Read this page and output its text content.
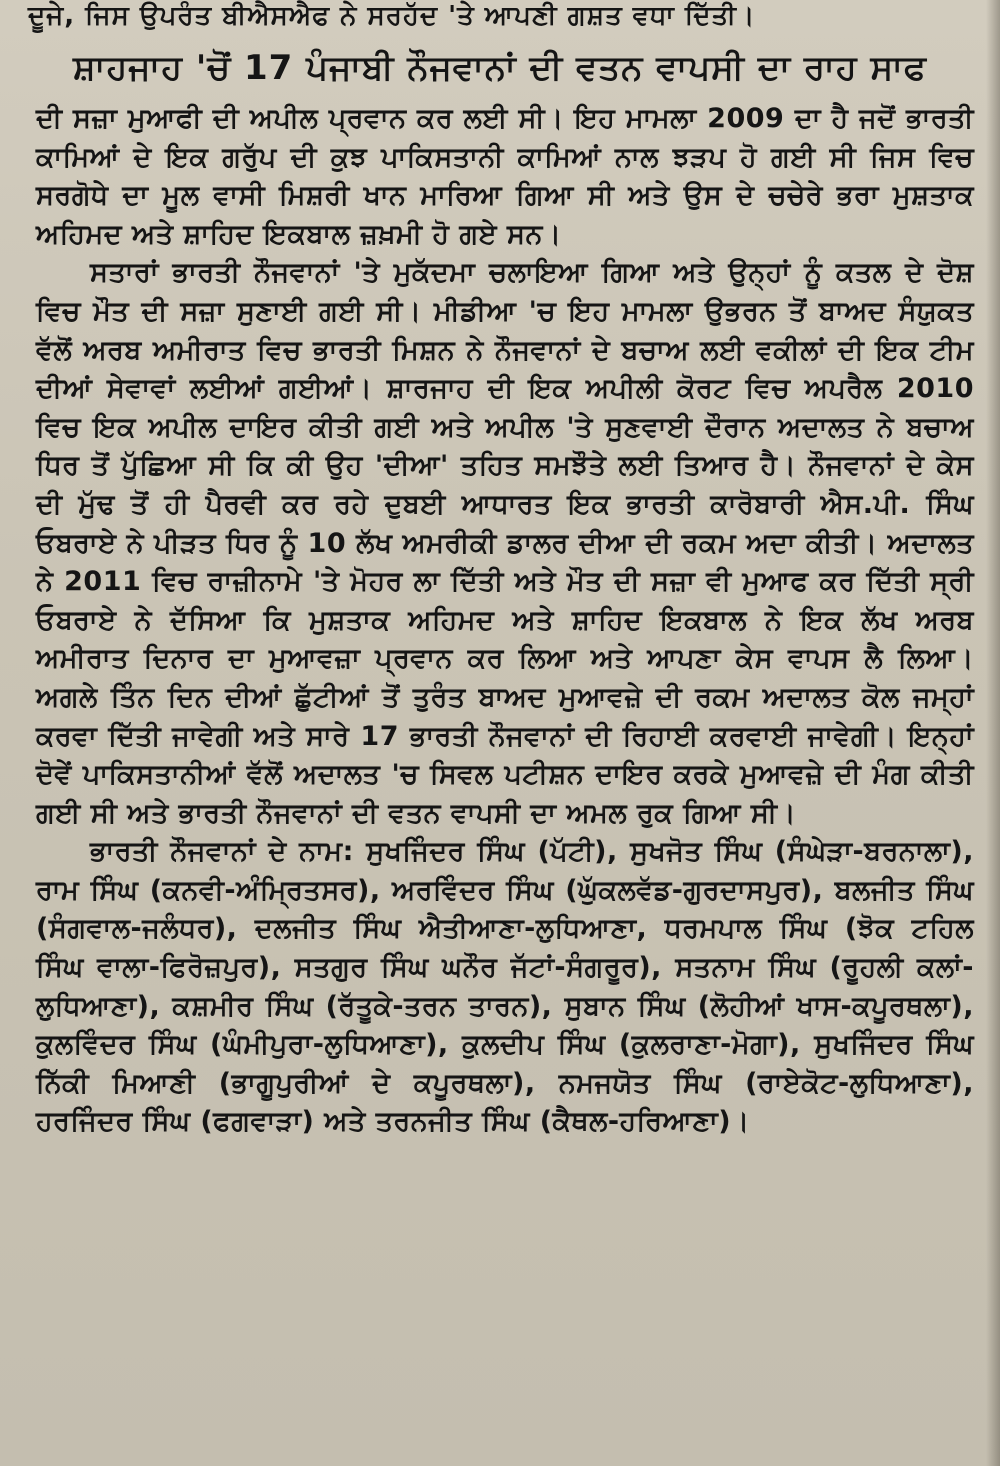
ਦੂਜੇ, ਜਿਸ ਉਪਰੰਤ ਬੀਐਸਐਫ ਨੇ ਸਰਹੱਦ 'ਤੇ ਆਪਣੀ ਗਸ਼ਤ ਵਧਾ ਦਿੱਤੀ।
ਸ਼ਾਹਜਾਹ 'ਚੋਂ 17 ਪੰਜਾਬੀ ਨੌਜਵਾਨਾਂ ਦੀ ਵਤਨ ਵਾਪਸੀ ਦਾ ਰਾਹ ਸਾਫ

ਦੀ ਸਜ਼ਾ ਮੁਆਫੀ ਦੀ ਅਪੀਲ ਪ੍ਰਵਾਨ ਕਰ ਲਈ ਸੀ। ਇਹ ਮਾਮਲਾ 2009 ਦਾ ਹੈ ਜਦੋਂ ਭਾਰਤੀ ਕਾਮਿਆਂ ਦੇ ਇਕ ਗਰੁੱਪ ਦੀ ਕੁਝ ਪਾਕਿਸਤਾਨੀ ਕਾਮਿਆਂ ਨਾਲ ਝੜਪ ਹੋ ਗਈ ਸੀ ਜਿਸ ਵਿਚ ਸਰਗੋਧੇ ਦਾ ਮੂਲ ਵਾਸੀ ਮਿਸ਼ਰੀ ਖਾਨ ਮਾਰਿਆ ਗਿਆ ਸੀ ਅਤੇ ਉਸ ਦੇ ਚਚੇਰੇ ਭਰਾ ਮੁਸ਼ਤਾਕ ਅਹਿਮਦ ਅਤੇ ਸ਼ਾਹਿਦ ਇਕਬਾਲ ਜ਼ਖ਼ਮੀ ਹੋ ਗਏ ਸਨ।

ਸਤਾਰਾਂ ਭਾਰਤੀ ਨੌਜਵਾਨਾਂ 'ਤੇ ਮੁਕੱਦਮਾ ਚਲਾਇਆ ਗਿਆ ਅਤੇ ਉਨ੍ਹਾਂ ਨੂੰ ਕਤਲ ਦੇ ਦੋਸ਼ ਵਿਚ ਮੌਤ ਦੀ ਸਜ਼ਾ ਸੁਣਾਈ ਗਈ ਸੀ। ਮੀਡੀਆ 'ਚ ਇਹ ਮਾਮਲਾ ਉਭਰਨ ਤੋਂ ਬਾਅਦ ਸੰਯੁਕਤ ਵੱਲੋਂ ਅਰਬ ਅਮੀਰਾਤ ਵਿਚ ਭਾਰਤੀ ਮਿਸ਼ਨ ਨੇ ਨੌਜਵਾਨਾਂ ਦੇ ਬਚਾਅ ਲਈ ਵਕੀਲਾਂ ਦੀ ਇਕ ਟੀਮ ਦੀਆਂ ਸੇਵਾਵਾਂ ਲਈਆਂ ਗਈਆਂ। ਸ਼ਾਰਜਾਹ ਦੀ ਇਕ ਅਪੀਲੀ ਕੋਰਟ ਵਿਚ ਅਪਰੈਲ 2010 ਵਿਚ ਇਕ ਅਪੀਲ ਦਾਇਰ ਕੀਤੀ ਗਈ ਅਤੇ ਅਪੀਲ 'ਤੇ ਸੁਣਵਾਈ ਦੌਰਾਨ ਅਦਾਲਤ ਨੇ ਬਚਾਅ ਧਿਰ ਤੋਂ ਪੁੱਛਿਆ ਸੀ ਕਿ ਕੀ ਉਹ 'ਦੀਆ' ਤਹਿਤ ਸਮਝੌਤੇ ਲਈ ਤਿਆਰ ਹੈ। ਨੌਜਵਾਨਾਂ ਦੇ ਕੇਸ ਦੀ ਮੁੱਢ ਤੋਂ ਹੀ ਪੈਰਵੀ ਕਰ ਰਹੇ ਦੁਬਈ ਆਧਾਰਤ ਇਕ ਭਾਰਤੀ ਕਾਰੋਬਾਰੀ ਐਸ.ਪੀ. ਸਿੰਘ ਓਬਰਾਏ ਨੇ ਪੀੜਤ ਧਿਰ ਨੂੰ 10 ਲੱਖ ਅਮਰੀਕੀ ਡਾਲਰ ਦੀਆ ਦੀ ਰਕਮ ਅਦਾ ਕੀਤੀ। ਅਦਾਲਤ ਨੇ 2011 ਵਿਚ ਰਾਜ਼ੀਨਾਮੇ 'ਤੇ ਮੋਹਰ ਲਾ ਦਿੱਤੀ ਅਤੇ ਮੌਤ ਦੀ ਸਜ਼ਾ ਵੀ ਮੁਆਫ ਕਰ ਦਿੱਤੀ ਸ੍ਰੀ ਓਬਰਾਏ ਨੇ ਦੱਸਿਆ ਕਿ ਮੁਸ਼ਤਾਕ ਅਹਿਮਦ ਅਤੇ ਸ਼ਾਹਿਦ ਇਕਬਾਲ ਨੇ ਇਕ ਲੱਖ ਅਰਬ ਅਮੀਰਾਤ ਦਿਨਾਰ ਦਾ ਮੁਆਵਜ਼ਾ ਪ੍ਰਵਾਨ ਕਰ ਲਿਆ ਅਤੇ ਆਪਣਾ ਕੇਸ ਵਾਪਸ ਲੈ ਲਿਆ। ਅਗਲੇ ਤਿੰਨ ਦਿਨ ਦੀਆਂ ਛੁੱਟੀਆਂ ਤੋਂ ਤੁਰੰਤ ਬਾਅਦ ਮੁਆਵਜ਼ੇ ਦੀ ਰਕਮ ਅਦਾਲਤ ਕੋਲ ਜਮ੍ਹਾਂ ਕਰਵਾ ਦਿੱਤੀ ਜਾਵੇਗੀ ਅਤੇ ਸਾਰੇ 17 ਭਾਰਤੀ ਨੌਜਵਾਨਾਂ ਦੀ ਰਿਹਾਈ ਕਰਵਾਈ ਜਾਵੇਗੀ। ਇਨ੍ਹਾਂ ਦੋਵੇਂ ਪਾਕਿਸਤਾਨੀਆਂ ਵੱਲੋਂ ਅਦਾਲਤ 'ਚ ਸਿਵਲ ਪਟੀਸ਼ਨ ਦਾਇਰ ਕਰਕੇ ਮੁਆਵਜ਼ੇ ਦੀ ਮੰਗ ਕੀਤੀ ਗਈ ਸੀ ਅਤੇ ਭਾਰਤੀ ਨੌਜਵਾਨਾਂ ਦੀ ਵਤਨ ਵਾਪਸੀ ਦਾ ਅਮਲ ਰੁਕ ਗਿਆ ਸੀ।

ਭਾਰਤੀ ਨੌਜਵਾਨਾਂ ਦੇ ਨਾਮ: ਸੁਖਜਿੰਦਰ ਸਿੰਘ (ਪੱਟੀ), ਸੁਖਜੋਤ ਸਿੰਘ (ਸੰਘੇੜਾ-ਬਰਨਾਲਾ), ਰਾਮ ਸਿੰਘ (ਕਨਵੀ-ਅੰਮ੍ਰਿਤਸਰ), ਅਰਵਿੰਦਰ ਸਿੰਘ (ਘੁੱਕਲਵੱਡ-ਗੁਰਦਾਸਪੁਰ), ਬਲਜੀਤ ਸਿੰਘ (ਸੰਗਵਾਲ-ਜਲੰਧਰ), ਦਲਜੀਤ ਸਿੰਘ ਐਤੀਆਣਾ-ਲੁਧਿਆਣਾ, ਧਰਮਪਾਲ ਸਿੰਘ (ਝੋਕ ਟਹਿਲ ਸਿੰਘ ਵਾਲਾ-ਫਿਰੋਜ਼ਪੁਰ), ਸਤਗੁਰ ਸਿੰਘ ਘਨੌਰ ਜੱਟਾਂ-ਸੰਗਰੂਰ), ਸਤਨਾਮ ਸਿੰਘ (ਰੂਹਲੀ ਕਲਾਂ-ਲੁਧਿਆਣਾ), ਕਸ਼ਮੀਰ ਸਿੰਘ (ਰੱਤੂਕੇ-ਤਰਨ ਤਾਰਨ), ਸੁਬਾਨ ਸਿੰਘ (ਲੋਹੀਆਂ ਖਾਸ-ਕਪੂਰਥਲਾ), ਕੁਲਵਿੰਦਰ ਸਿੰਘ (ਘੰਮੀਪੁਰਾ-ਲੁਧਿਆਣਾ), ਕੁਲਦੀਪ ਸਿੰਘ (ਕੁਲਰਾਣਾ-ਮੋਗਾ), ਸੁਖਜਿੰਦਰ ਸਿੰਘ ਨਿੱਕੀ ਮਿਆਣੀ (ਭਾਗੂਪੁਰੀਆਂ ਦੇ ਕਪੂਰਥਲਾ), ਨਮਜਯੋਤ ਸਿੰਘ (ਰਾਏਕੋਟ-ਲੁਧਿਆਣਾ), ਹਰਜਿੰਦਰ ਸਿੰਘ (ਫਗਵਾੜਾ) ਅਤੇ ਤਰਨਜੀਤ ਸਿੰਘ (ਕੈਥਲ-ਹਰਿਆਣਾ)।
